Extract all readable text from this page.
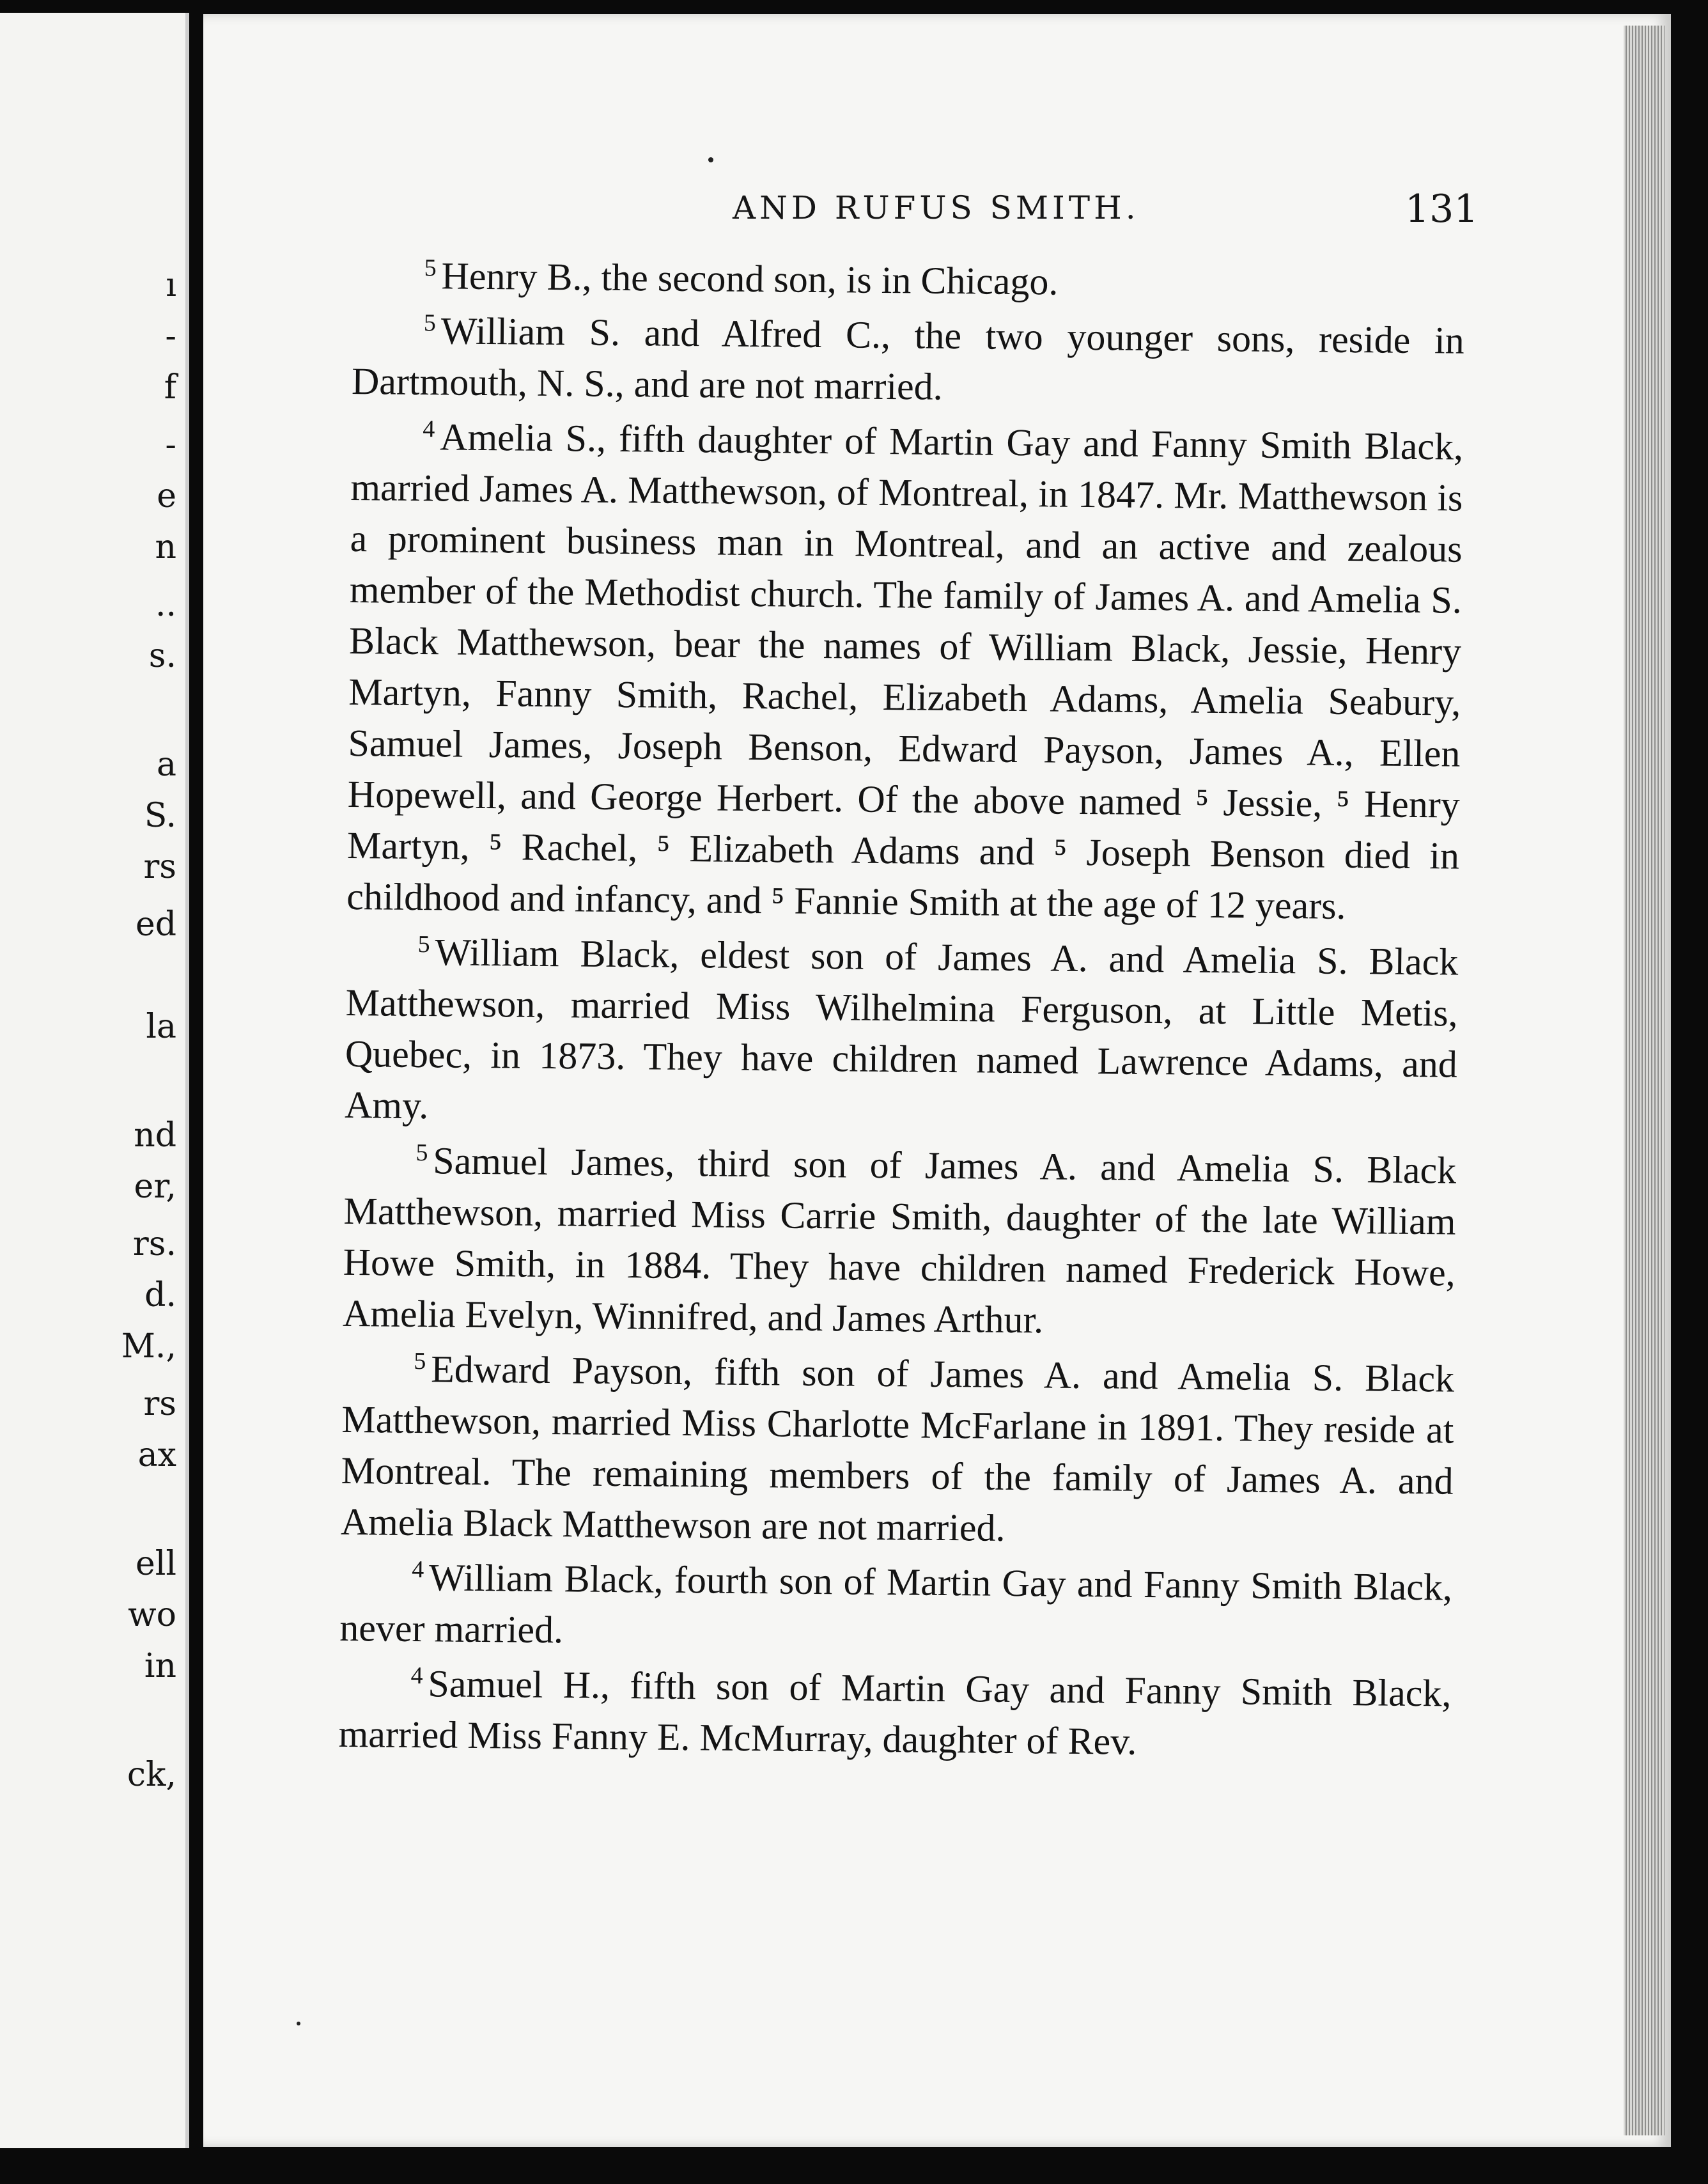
ı
-
f
-
e
n
..
s.
a
S.
rs
ed
la
nd
er,
rs.
d.
M.,
rs
ax
ell
wo
in
ck,
AND RUFUS SMITH.	131

$^5$ Henry B., the second son, is in Chicago.

$^5$ William S. and Alfred C., the two younger sons, reside in Dartmouth, N. S., and are not married.

$^4$ Amelia S., fifth daughter of Martin Gay and Fanny Smith Black, married James A. Matthewson, of Montreal, in 1847. Mr. Matthewson is a prominent business man in Montreal, and an active and zealous member of the Methodist church. The family of James A. and Amelia S. Black Matthewson, bear the names of William Black, Jessie, Henry Martyn, Fanny Smith, Rachel, Elizabeth Adams, Amelia Seabury, Samuel James, Joseph Benson, Edward Payson, James A., Ellen Hopewell, and George Herbert. Of the above named ⁵ Jessie, ⁵ Henry Martyn, ⁵ Rachel, ⁵ Elizabeth Adams and ⁵ Joseph Benson died in childhood and infancy, and ⁵ Fannie Smith at the age of 12 years.

$^5$ William Black, eldest son of James A. and Amelia S. Black Matthewson, married Miss Wilhelmina Ferguson, at Little Metis, Quebec, in 1873. They have children named Lawrence Adams, and Amy.

$^5$ Samuel James, third son of James A. and Amelia S. Black Matthewson, married Miss Carrie Smith, daughter of the late William Howe Smith, in 1884. They have children named Frederick Howe, Amelia Evelyn, Winnifred, and James Arthur.

$^5$ Edward Payson, fifth son of James A. and Amelia S. Black Matthewson, married Miss Charlotte McFarlane in 1891. They reside at Montreal. The remaining members of the family of James A. and Amelia Black Matthewson are not married.

$^4$ William Black, fourth son of Martin Gay and Fanny Smith Black, never married.

$^4$ Samuel H., fifth son of Martin Gay and Fanny Smith Black, married Miss Fanny E. McMurray, daughter of Rev.
